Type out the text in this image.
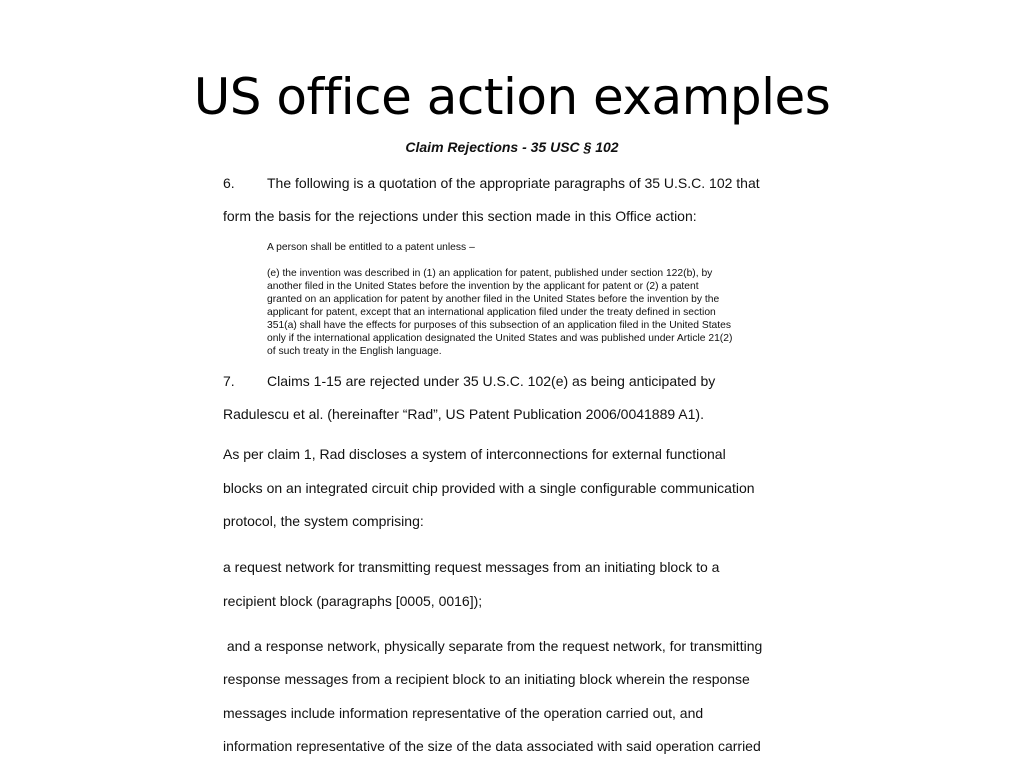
US office action examples
Claim Rejections - 35 USC § 102
6. The following is a quotation of the appropriate paragraphs of 35 U.S.C. 102 that
form the basis for the rejections under this section made in this Office action:
A person shall be entitled to a patent unless –
(e) the invention was described in (1) an application for patent, published under section 122(b), by
another filed in the United States before the invention by the applicant for patent or (2) a patent
granted on an application for patent by another filed in the United States before the invention by the
applicant for patent, except that an international application filed under the treaty defined in section
351(a) shall have the effects for purposes of this subsection of an application filed in the United States
only if the international application designated the United States and was published under Article 21(2)
of such treaty in the English language.
7. Claims 1-15 are rejected under 35 U.S.C. 102(e) as being anticipated by
Radulescu et al. (hereinafter “Rad”, US Patent Publication 2006/0041889 A1).
As per claim 1, Rad discloses a system of interconnections for external functional
blocks on an integrated circuit chip provided with a single configurable communication
protocol, the system comprising:
a request network for transmitting request messages from an initiating block to a
recipient block (paragraphs [0005, 0016]);
and a response network, physically separate from the request network, for transmitting
response messages from a recipient block to an initiating block wherein the response
messages include information representative of the operation carried out, and
information representative of the size of the data associated with said operation carried
